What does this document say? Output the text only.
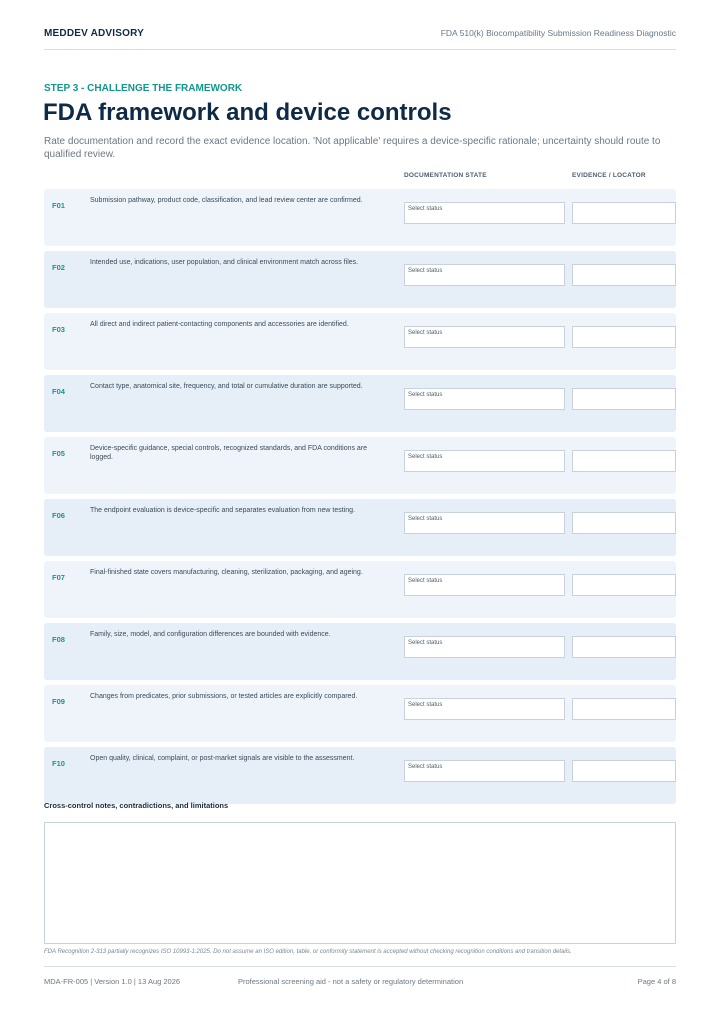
MEDDEV ADVISORY	FDA 510(k) Biocompatibility Submission Readiness Diagnostic
STEP 3 - CHALLENGE THE FRAMEWORK
FDA framework and device controls
Rate documentation and record the exact evidence location. 'Not applicable' requires a device-specific rationale; uncertainty should route to qualified review.
DOCUMENTATION STATE	EVIDENCE / LOCATOR
F01
Submission pathway, product code, classification, and lead review center are confirmed.
Select status
F02
Intended use, indications, user population, and clinical environment match across files.
Select status
F03
All direct and indirect patient-contacting components and accessories are identified.
Select status
F04
Contact type, anatomical site, frequency, and total or cumulative duration are supported.
Select status
F05
Device-specific guidance, special controls, recognized standards, and FDA conditions are logged.	Select status
F06
The endpoint evaluation is device-specific and separates evaluation from new testing.
Select status
F07
Final-finished state covers manufacturing, cleaning, sterilization, packaging, and ageing.
Select status
F08
Family, size, model, and configuration differences are bounded with evidence.
Select status
F09
Changes from predicates, prior submissions, or tested articles are explicitly compared.
Select status
F10
Open quality, clinical, complaint, or post-market signals are visible to the assessment.
Select status
Cross-control notes, contradictions, and limitations
FDA Recognition 2-313 partially recognizes ISO 10993-1:2025. Do not assume an ISO edition, table, or conformity statement is accepted without checking recognition conditions and transition details.
MDA-FR-005 | Version 1.0 | 13 Aug 2026	Professional screening aid - not a safety or regulatory determination	Page 4 of 8
